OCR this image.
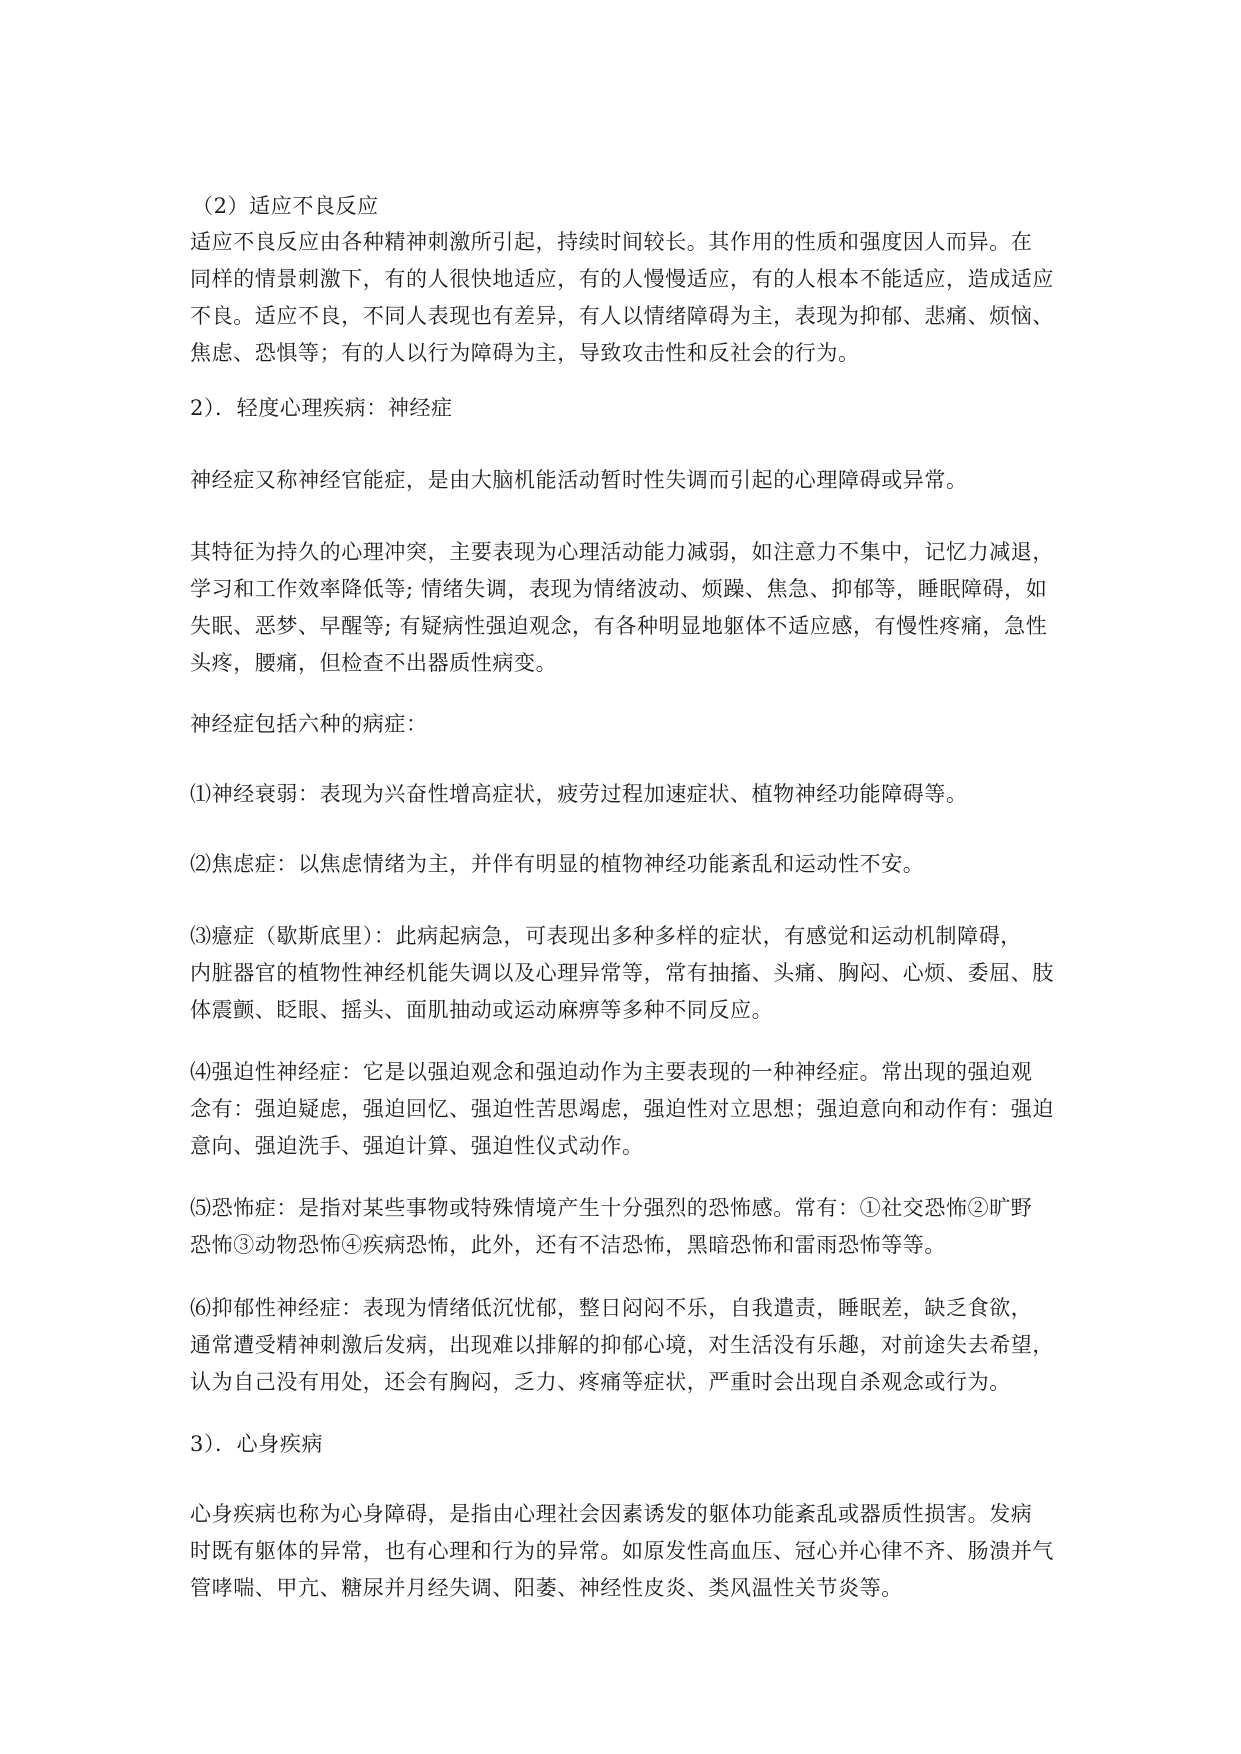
（2）适应不良反应

适应不良反应由各种精神刺激所引起，持续时间较长。其作用的性质和强度因人而异。在
同样的情景刺激下，有的人很快地适应，有的人慢慢适应，有的人根本不能适应，造成适应
不良。适应不良，不同人表现也有差异，有人以情绪障碍为主，表现为抑郁、悲痛、烦恼、
焦虑、恐惧等；有的人以行为障碍为主，导致攻击性和反社会的行为。

2）．轻度心理疾病：神经症

神经症又称神经官能症，是由大脑机能活动暂时性失调而引起的心理障碍或异常。

其特征为持久的心理冲突，主要表现为心理活动能力减弱，如注意力不集中，记忆力减退，
学习和工作效率降低等; 情绪失调，表现为情绪波动、烦躁、焦急、抑郁等，睡眠障碍，如
失眠、恶梦、早醒等; 有疑病性强迫观念，有各种明显地躯体不适应感，有慢性疼痛，急性
头疼，腰痛，但检查不出器质性病变。

神经症包括六种的病症：

⑴神经衰弱：表现为兴奋性增高症状，疲劳过程加速症状、植物神经功能障碍等。

⑵焦虑症：以焦虑情绪为主，并伴有明显的植物神经功能紊乱和运动性不安。

⑶癔症（歇斯底里）：此病起病急，可表现出多种多样的症状，有感觉和运动机制障碍，
内脏器官的植物性神经机能失调以及心理异常等，常有抽搐、头痛、胸闷、心烦、委屈、肢
体震颤、眨眼、摇头、面肌抽动或运动麻痹等多种不同反应。

⑷强迫性神经症：它是以强迫观念和强迫动作为主要表现的一种神经症。常出现的强迫观
念有：强迫疑虑，强迫回忆、强迫性苦思竭虑，强迫性对立思想；强迫意向和动作有：强迫
意向、强迫洗手、强迫计算、强迫性仪式动作。

⑸恐怖症：是指对某些事物或特殊情境产生十分强烈的恐怖感。常有：①社交恐怖②旷野
恐怖③动物恐怖④疾病恐怖，此外，还有不洁恐怖，黑暗恐怖和雷雨恐怖等等。

⑹抑郁性神经症：表现为情绪低沉忧郁，整日闷闷不乐，自我遣责，睡眠差，缺乏食欲，
通常遭受精神刺激后发病，出现难以排解的抑郁心境，对生活没有乐趣，对前途失去希望，
认为自己没有用处，还会有胸闷，乏力、疼痛等症状，严重时会出现自杀观念或行为。

3）．心身疾病

心身疾病也称为心身障碍，是指由心理社会因素诱发的躯体功能紊乱或器质性损害。发病
时既有躯体的异常，也有心理和行为的异常。如原发性高血压、冠心并心律不齐、肠溃并气
管哮喘、甲亢、糖尿并月经失调、阳萎、神经性皮炎、类风温性关节炎等。
